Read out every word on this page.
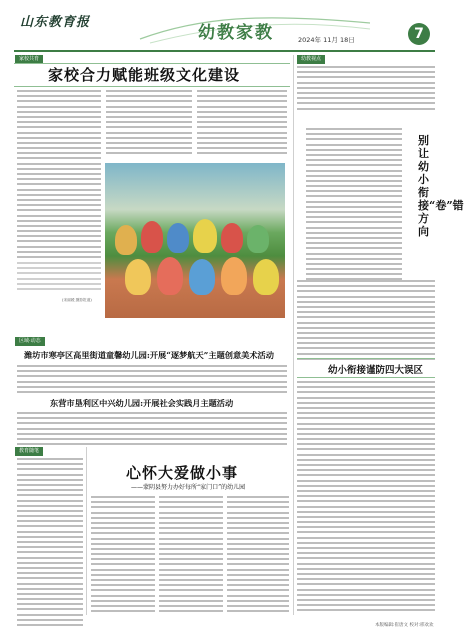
山东教育报
幼教家教	2024年 11月 18日	7
家校共育
家校合力赋能班级文化建设
(宋丽媛 摄影报道)
幼教视点
别让幼小衔接“卷”错方向
幼小衔接谨防四大误区
区域·动态
潍坊市寒亭区高里街道童馨幼儿园:开展“逐梦航天”主题创意美术活动
东营市垦利区中兴幼儿园:开展社会实践月主题活动
教育随笔
心怀大爱做小事
——蒙阴县努力办好每所“家门口”的幼儿园
本版编辑:崔唐文 校对:邢欢欢
